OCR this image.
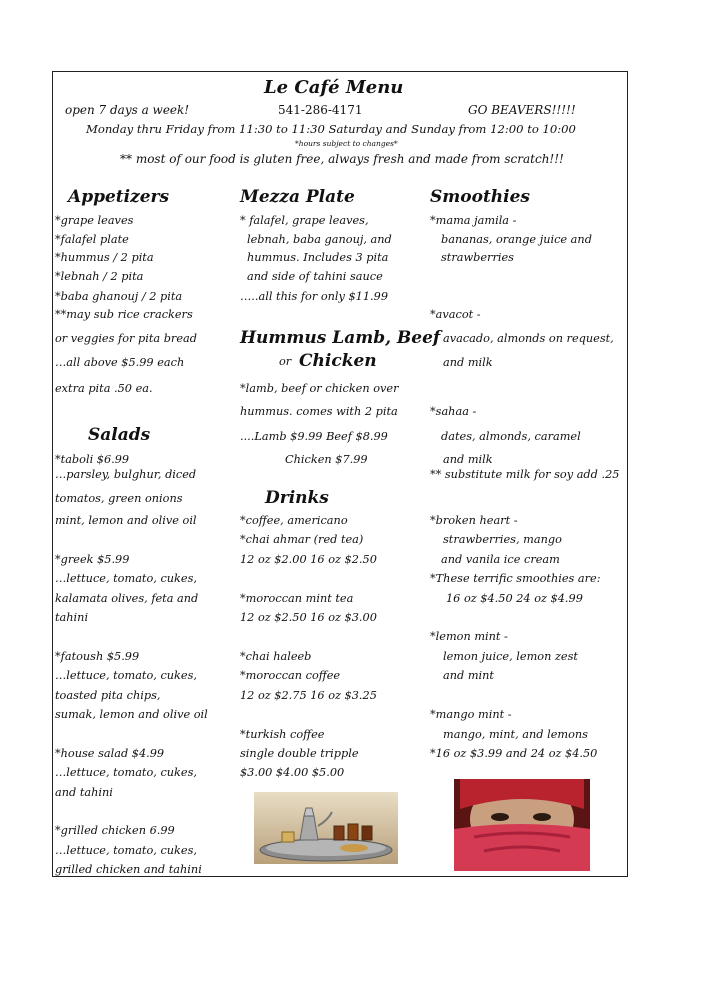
Le Café Menu
open 7 days a week!	541-286-4171	GO BEAVERS!!!!!
Monday thru Friday from 11:30 to 11:30 Saturday and Sunday from 12:00 to 10:00
*hours subject to changes*
** most of our food is gluten free, always fresh and made from scratch!!!
Appetizers	Mezza Plate	Smoothies
Salads
Hummus Lamb, Beef
or Chicken
Drinks
*grape leaves
*falafel plate
*hummus / 2 pita
*lebnah / 2 pita
*baba ghanouj / 2 pita
**may sub rice crackers
or veggies for pita bread
…all above $5.99 each
extra pita .50 ea.
*taboli $6.99
…parsley, bulghur, diced
tomatos, green onions
mint, lemon and olive oil
*greek $5.99
…lettuce, tomato, cukes,
kalamata olives, feta and
tahini
*fatoush $5.99
…lettuce, tomato, cukes,
toasted pita chips,
sumak, lemon and olive oil
*house salad $4.99
…lettuce, tomato, cukes,
and tahini
*grilled chicken 6.99
…lettuce, tomato, cukes,
grilled chicken and tahini
* falafel, grape leaves,
lebnah, baba ganouj, and
hummus. Includes 3 pita
and side of tahini sauce
…..all this for only $11.99
*lamb, beef or chicken over
hummus. comes with 2 pita
....Lamb $9.99 Beef $8.99
Chicken $7.99
*coffee, americano
*chai ahmar (red tea)
12 oz $2.00 16 oz $2.50
*moroccan mint tea
12 oz $2.50 16 oz $3.00
*chai haleeb
*moroccan coffee
12 oz $2.75 16 oz $3.25
*turkish coffee
single double tripple
$3.00 $4.00 $5.00
*mama jamila -
bananas, orange juice and
strawberries
*avacot -
avacado, almonds on request,
and milk
*sahaa -
dates, almonds, caramel
and milk
** substitute milk for soy add .25
*broken heart -
strawberries, mango
and vanila ice cream
*These terrific smoothies are:
16 oz $4.50 24 oz $4.99
*lemon mint -
lemon juice, lemon zest
and mint
*mango mint -
mango, mint, and lemons
*16 oz $3.99 and 24 oz $4.50
